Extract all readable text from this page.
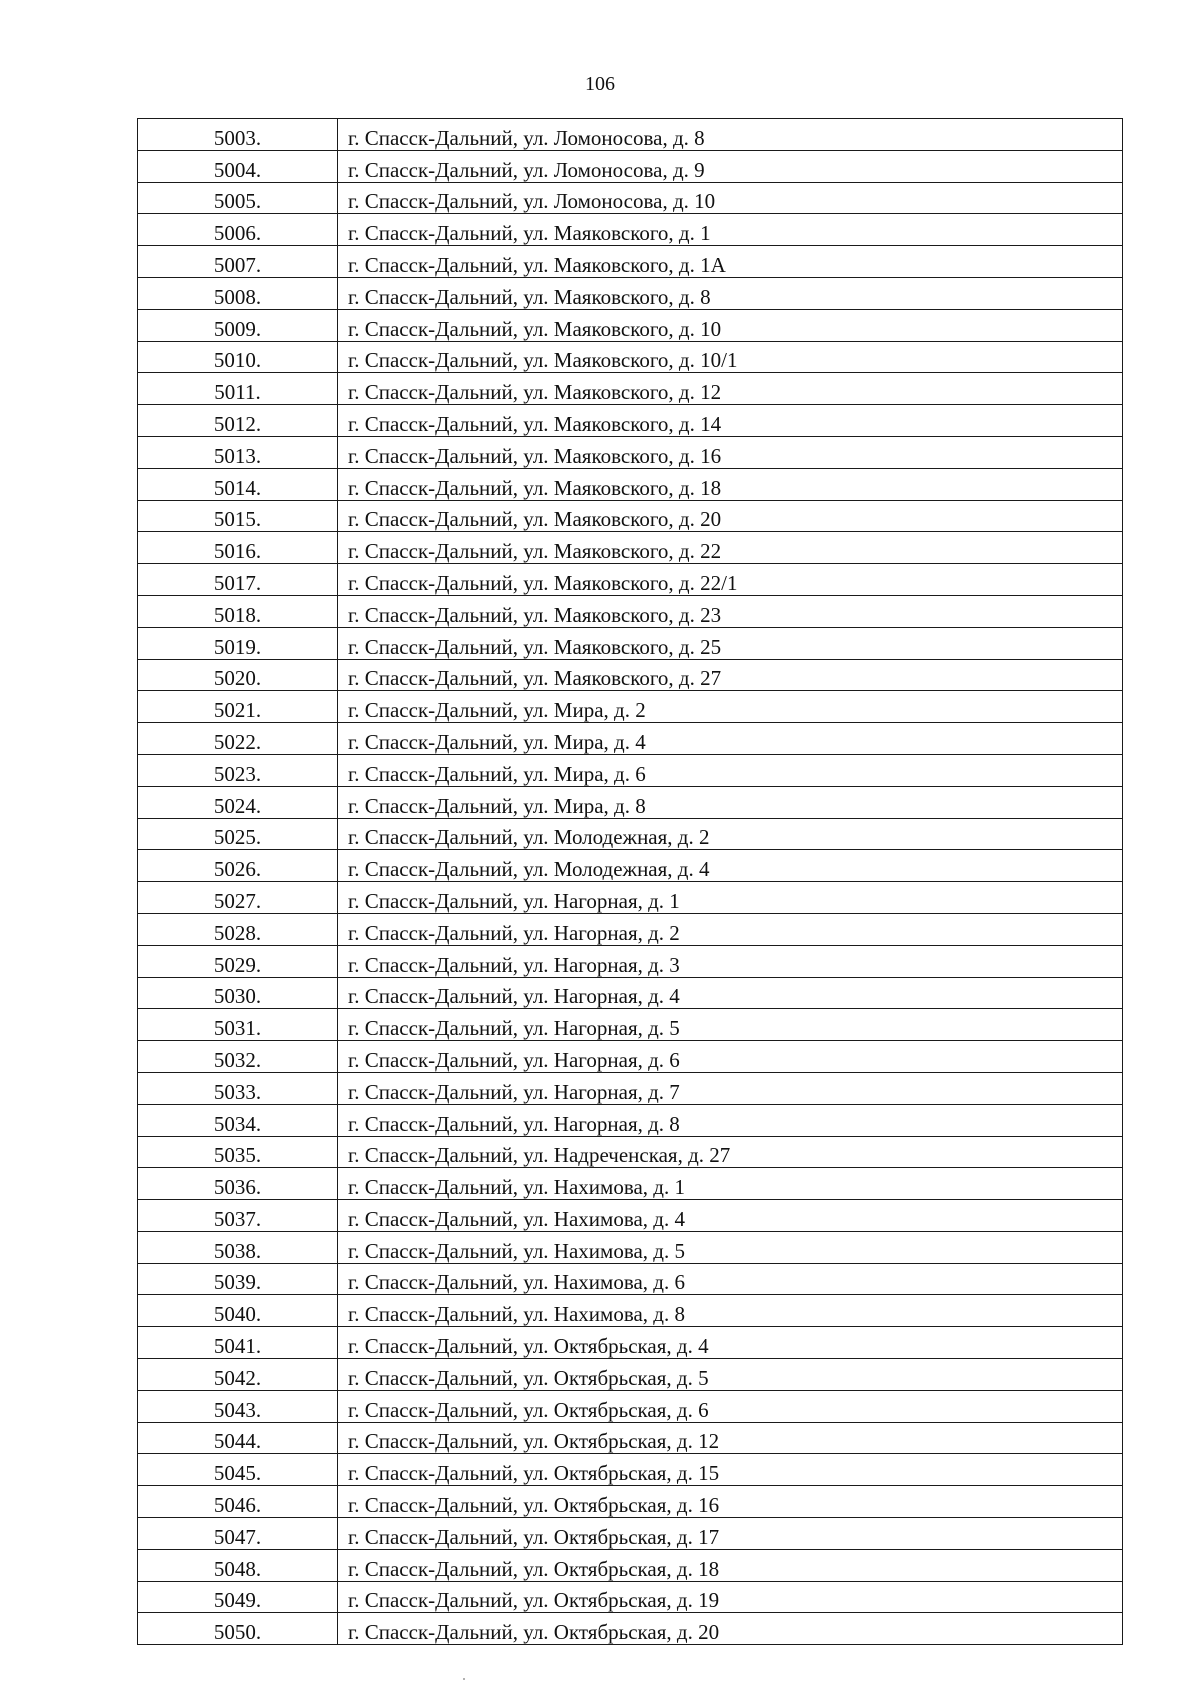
106
5003.	г. Спасск-Дальний, ул. Ломоносова, д. 8
5004.	г. Спасск-Дальний, ул. Ломоносова, д. 9
5005.	г. Спасск-Дальний, ул. Ломоносова, д. 10
5006.	г. Спасск-Дальний, ул. Маяковского, д. 1
5007.	г. Спасск-Дальний, ул. Маяковского, д. 1А
5008.	г. Спасск-Дальний, ул. Маяковского, д. 8
5009.	г. Спасск-Дальний, ул. Маяковского, д. 10
5010.	г. Спасск-Дальний, ул. Маяковского, д. 10/1
5011.	г. Спасск-Дальний, ул. Маяковского, д. 12
5012.	г. Спасск-Дальний, ул. Маяковского, д. 14
5013.	г. Спасск-Дальний, ул. Маяковского, д. 16
5014.	г. Спасск-Дальний, ул. Маяковского, д. 18
5015.	г. Спасск-Дальний, ул. Маяковского, д. 20
5016.	г. Спасск-Дальний, ул. Маяковского, д. 22
5017.	г. Спасск-Дальний, ул. Маяковского, д. 22/1
5018.	г. Спасск-Дальний, ул. Маяковского, д. 23
5019.	г. Спасск-Дальний, ул. Маяковского, д. 25
5020.	г. Спасск-Дальний, ул. Маяковского, д. 27
5021.	г. Спасск-Дальний, ул. Мира, д. 2
5022.	г. Спасск-Дальний, ул. Мира, д. 4
5023.	г. Спасск-Дальний, ул. Мира, д. 6
5024.	г. Спасск-Дальний, ул. Мира, д. 8
5025.	г. Спасск-Дальний, ул. Молодежная, д. 2
5026.	г. Спасск-Дальний, ул. Молодежная, д. 4
5027.	г. Спасск-Дальний, ул. Нагорная, д. 1
5028.	г. Спасск-Дальний, ул. Нагорная, д. 2
5029.	г. Спасск-Дальний, ул. Нагорная, д. 3
5030.	г. Спасск-Дальний, ул. Нагорная, д. 4
5031.	г. Спасск-Дальний, ул. Нагорная, д. 5
5032.	г. Спасск-Дальний, ул. Нагорная, д. 6
5033.	г. Спасск-Дальний, ул. Нагорная, д. 7
5034.	г. Спасск-Дальний, ул. Нагорная, д. 8
5035.	г. Спасск-Дальний, ул. Надреченская, д. 27
5036.	г. Спасск-Дальний, ул. Нахимова, д. 1
5037.	г. Спасск-Дальний, ул. Нахимова, д. 4
5038.	г. Спасск-Дальний, ул. Нахимова, д. 5
5039.	г. Спасск-Дальний, ул. Нахимова, д. 6
5040.	г. Спасск-Дальний, ул. Нахимова, д. 8
5041.	г. Спасск-Дальний, ул. Октябрьская, д. 4
5042.	г. Спасск-Дальний, ул. Октябрьская, д. 5
5043.	г. Спасск-Дальний, ул. Октябрьская, д. 6
5044.	г. Спасск-Дальний, ул. Октябрьская, д. 12
5045.	г. Спасск-Дальний, ул. Октябрьская, д. 15
5046.	г. Спасск-Дальний, ул. Октябрьская, д. 16
5047.	г. Спасск-Дальний, ул. Октябрьская, д. 17
5048.	г. Спасск-Дальний, ул. Октябрьская, д. 18
5049.	г. Спасск-Дальний, ул. Октябрьская, д. 19
5050.	г. Спасск-Дальний, ул. Октябрьская, д. 20
